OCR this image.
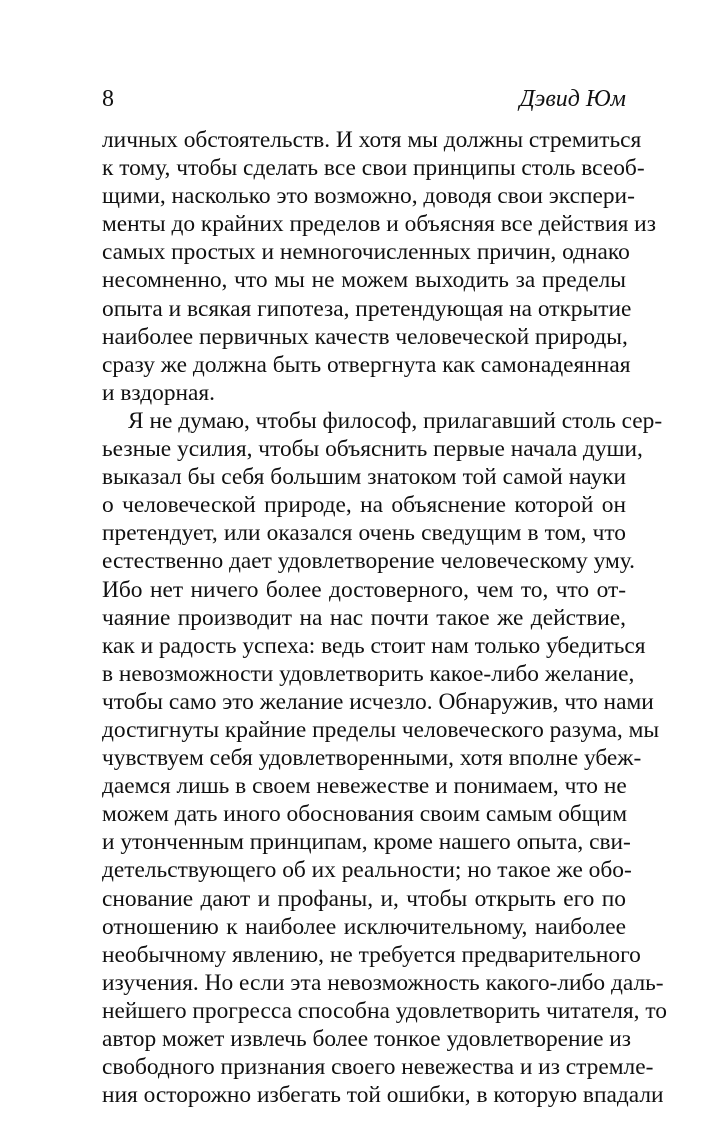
8	Дэвид Юм
личных обстоятельств. И хотя мы должны стремиться
к тому, чтобы сделать все свои принципы столь всеоб-
щими, насколько это возможно, доводя свои экспери-
менты до крайних пределов и объясняя все действия из
самых простых и немногочисленных причин, однако
несомненно, что мы не можем выходить за пределы
опыта и всякая гипотеза, претендующая на открытие
наиболее первичных качеств человеческой природы,
сразу же должна быть отвергнута как самонадеянная
и вздорная.
Я не думаю, чтобы философ, прилагавший столь сер-
ьезные усилия, чтобы объяснить первые начала души,
выказал бы себя большим знатоком той самой науки
о человеческой природе, на объяснение которой он
претендует, или оказался очень сведущим в том, что
естественно дает удовлетворение человеческому уму.
Ибо нет ничего более достоверного, чем то, что от-
чаяние производит на нас почти такое же действие,
как и радость успеха: ведь стоит нам только убедиться
в невозможности удовлетворить какое-либо желание,
чтобы само это желание исчезло. Обнаружив, что нами
достигнуты крайние пределы человеческого разума, мы
чувствуем себя удовлетворенными, хотя вполне убеж-
даемся лишь в своем невежестве и понимаем, что не
можем дать иного обоснования своим самым общим
и утонченным принципам, кроме нашего опыта, сви-
детельствующего об их реальности; но такое же обо-
снование дают и профаны, и, чтобы открыть его по
отношению к наиболее исключительному, наиболее
необычному явлению, не требуется предварительного
изучения. Но если эта невозможность какого-либо даль-
нейшего прогресса способна удовлетворить читателя, то
автор может извлечь более тонкое удовлетворение из
свободного признания своего невежества и из стремле-
ния осторожно избегать той ошибки, в которую впадали
